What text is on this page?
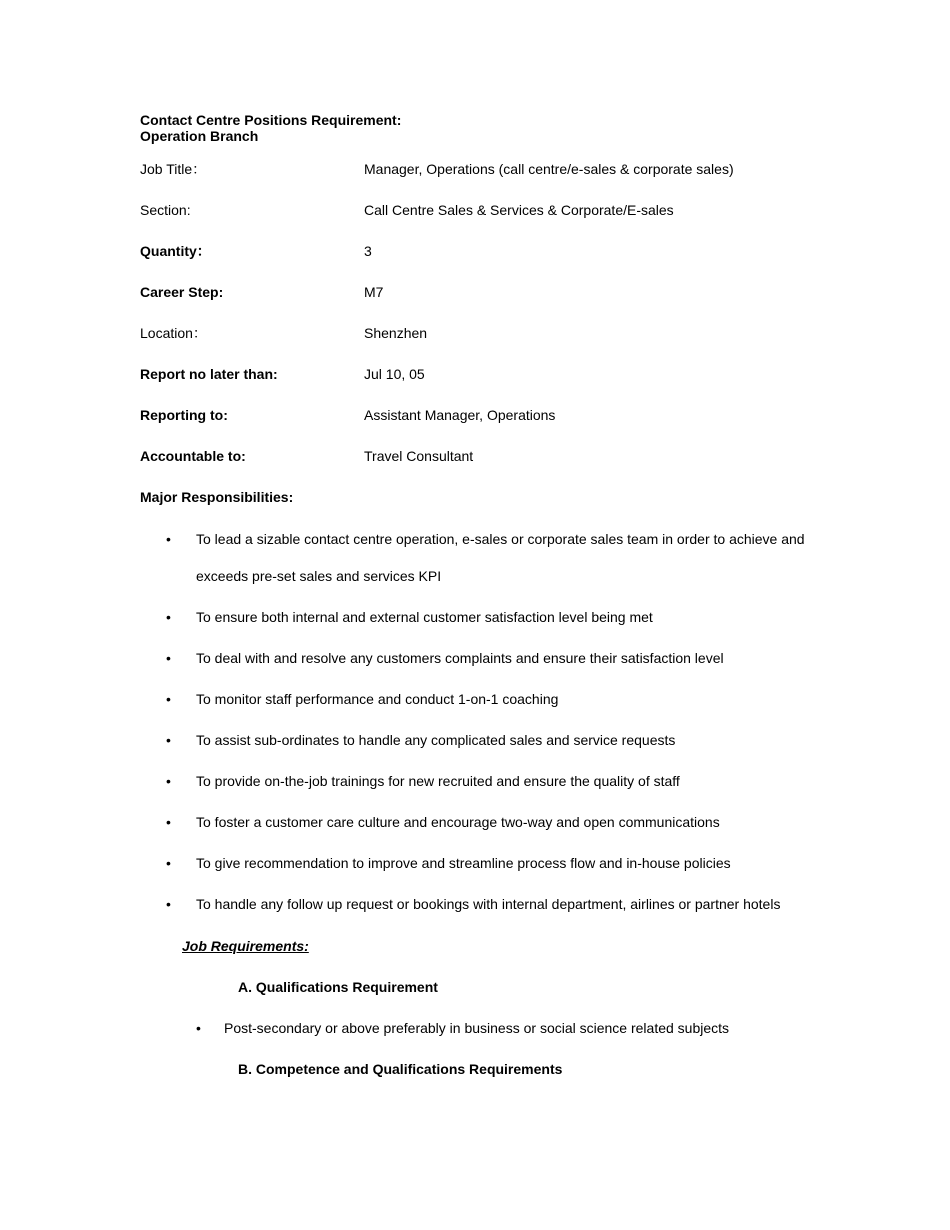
Contact Centre Positions Requirement:
Operation Branch
Job Title：	Manager, Operations (call centre/e-sales & corporate sales)
Section:	Call Centre Sales & Services & Corporate/E-sales
Quantity：	3
Career Step:	M7
Location：	Shenzhen
Report no later than:	Jul 10, 05
Reporting to:	Assistant Manager, Operations
Accountable to:	Travel Consultant
Major Responsibilities:
• To lead a sizable contact centre operation, e-sales or corporate sales team in order to achieve and
exceeds pre-set sales and services KPI
• To ensure both internal and external customer satisfaction level being met
• To deal with and resolve any customers complaints and ensure their satisfaction level
• To monitor staff performance and conduct 1-on-1 coaching
• To assist sub-ordinates to handle any complicated sales and service requests
• To provide on-the-job trainings for new recruited and ensure the quality of staff
• To foster a customer care culture and encourage two-way and open communications
• To give recommendation to improve and streamline process flow and in-house policies
• To handle any follow up request or bookings with internal department, airlines or partner hotels
Job Requirements:
A. Qualifications Requirement
• Post-secondary or above preferably in business or social science related subjects
B. Competence and Qualifications Requirements
